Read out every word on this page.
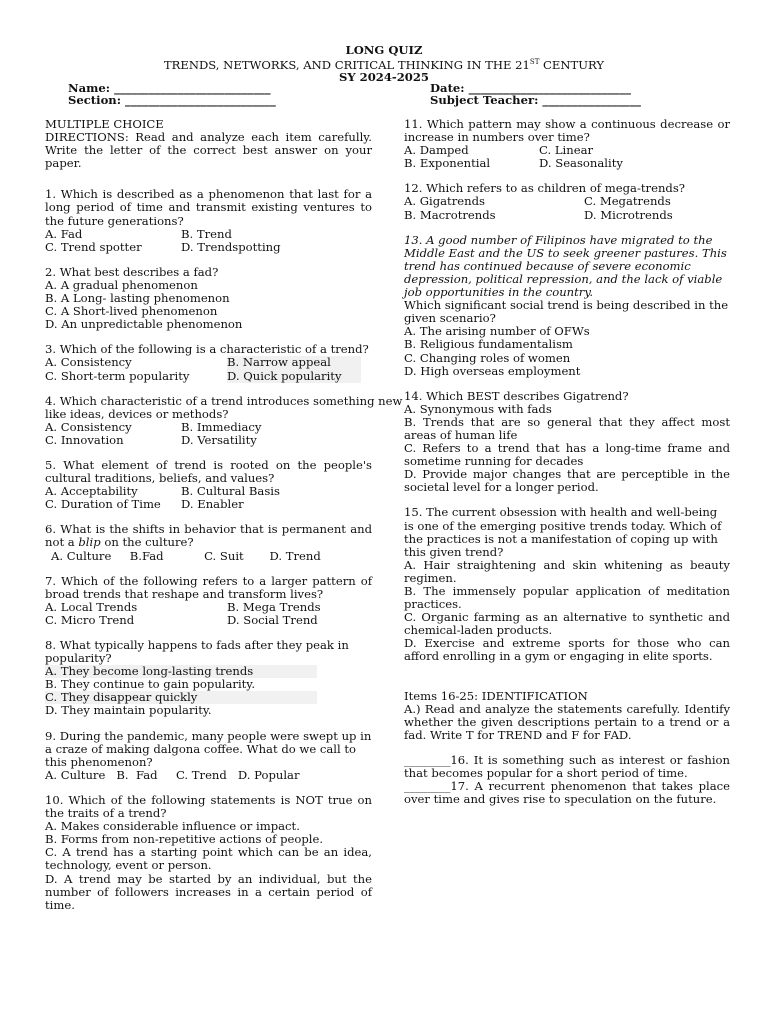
LONG QUIZ
TRENDS, NETWORKS, AND CRITICAL THINKING IN THE 21ST CENTURY
SY 2024-2025
Name: ___________________________
Section: __________________________
Date: ____________________________
Subject Teacher: _________________
MULTIPLE CHOICE
DIRECTIONS: Read and analyze each item carefully. Write the letter of the correct best answer on your paper.
1. Which is described as a phenomenon that last for a long period of time and transmit existing ventures to the future generations?
A. Fad	B. Trend
C. Trend spotter	D. Trendspotting
2. What best describes a fad?
A. A gradual phenomenon
B. A Long- lasting phenomenon
C. A Short-lived phenomenon
D. An unpredictable phenomenon
3. Which of the following is a characteristic of a trend?
A. Consistency	B. Narrow appeal
C. Short-term popularity	D. Quick popularity
4. Which characteristic of a trend introduces something new like ideas, devices or methods?
A. Consistency	B. Immediacy
C. Innovation	D. Versatility
5. What element of trend is rooted on the people's cultural traditions, beliefs, and values?
A. Acceptability	B. Cultural Basis
C. Duration of Time	D. Enabler
6. What is the shifts in behavior that is permanent and not a blip on the culture?
A. Culture     B.Fad           C. Suit       D. Trend
7. Which of the following refers to a larger pattern of broad trends that reshape and transform lives?
A. Local Trends	B. Mega Trends
C. Micro Trend	D. Social Trend
8. What typically happens to fads after they peak in popularity?
A. They become long-lasting trends
B. They continue to gain popularity.
C. They disappear quickly
D. They maintain popularity.
9. During the pandemic, many people were swept up in a craze of making dalgona coffee. What do we call to this phenomenon?
A. Culture   B.  Fad     C. Trend   D. Popular
10. Which of the following statements is NOT true on the traits of a trend?
A. Makes considerable influence or impact.
B. Forms from non-repetitive actions of people.
C. A trend has a starting point which can be an idea, technology, event or person.
D. A trend may be started by an individual, but the number of followers increases in a certain period of time.
11. Which pattern may show a continuous decrease or increase in numbers over time?
A. Damped	C. Linear
B. Exponential	D. Seasonality
12. Which refers to as children of mega-trends?
A. Gigatrends	C. Megatrends
B. Macrotrends	D. Microtrends
13. A good number of Filipinos have migrated to the Middle East and the US to seek greener pastures. This trend has continued because of severe economic depression, political repression, and the lack of viable job opportunities in the country.
Which significant social trend is being described in the given scenario?
A. The arising number of OFWs
B. Religious fundamentalism
C. Changing roles of women
D. High overseas employment
14. Which BEST describes Gigatrend?
A. Synonymous with fads
B. Trends that are so general that they affect most areas of human life
C. Refers to a trend that has a long-time frame and sometime running for decades
D. Provide major changes that are perceptible in the societal level for a longer period.
15. The current obsession with health and well-being is one of the emerging positive trends today. Which of the practices is not a manifestation of coping up with this given trend?
A. Hair straightening and skin whitening as beauty regimen.
B. The immensely popular application of meditation practices.
C. Organic farming as an alternative to synthetic and chemical-laden products.
D. Exercise and extreme sports for those who can afford enrolling in a gym or engaging in elite sports.
Items 16-25: IDENTIFICATION
A.) Read and analyze the statements carefully. Identify whether the given descriptions pertain to a trend or a fad. Write T for TREND and F for FAD.
________16. It is something such as interest or fashion that becomes popular for a short period of time.
________17. A recurrent phenomenon that takes place over time and gives rise to speculation on the future.
